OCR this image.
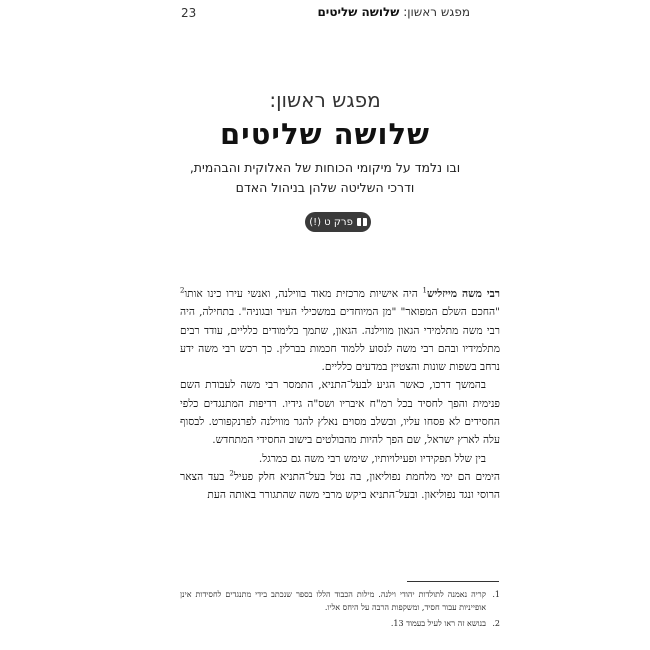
23	מפגש ראשון: שלושה שליטים
מפגש ראשון:
שלושה שליטים
ובו נלמד על מיקומי הכוחות של האלוקית והבהמית,
ודרכי השליטה שלהן בניהול האדם
פרק ט (!)

רבי משה מייזליש$^1$ היה אישיות מרכזית מאוד בווילנה, ואנשי עירו כינו אותו$^2$ "החכם השלם המפואר" "מן המיוחדים במשכילי העיר ובגוניה". בתחילה, היה רבי משה מתלמידי הגאון מווילנה. הגאון, שתמך בלימודים כלליים, עודד רבים מתלמידיו ובהם רבי משה לנסוע ללמוד חכמות בברלין. כך רכש רבי משה ידע נרחב בשפות שונות והצטיין במדעים כלליים.

בהמשך דרכו, כאשר הגיע לבעל־התניא, התמסר רבי משה לעבודת השם פנימית והפך לחסיד בכל רמ"ח איבריו ושס"ה גידיו. רדיפות המתנגדים כלפי החסידים לא פסחו עליו, ובשלב מסוים נאלץ להגר מווילנה לפרנקפורט. לבסוף עלה לארץ ישראל, שם הפך להיות מהבולטים בישוב החסידי המתחדש.

בין שלל תפקידיו ופעילויותיו, שימש רבי משה גם כמרגל.

הימים הם ימי מלחמת נפוליאון, בה נטל בעל־התניא חלק פעיל$^2$ בעד הצאר הרוסי ונגד נפוליאון. ובעל־התניא ביקש מרבי משה שהתגורר באותה העת

1.
קריה נאמנה לתולדות יהודי וילנה. מילות הכבוד הללו בספר שנכתב בידי מתנגדים לחסידות אינן אופייניות עבור חסיד, ומשקפות הרבה על היחס אליו.
2.
בנושא זה ראו לעיל בעמוד 13.
